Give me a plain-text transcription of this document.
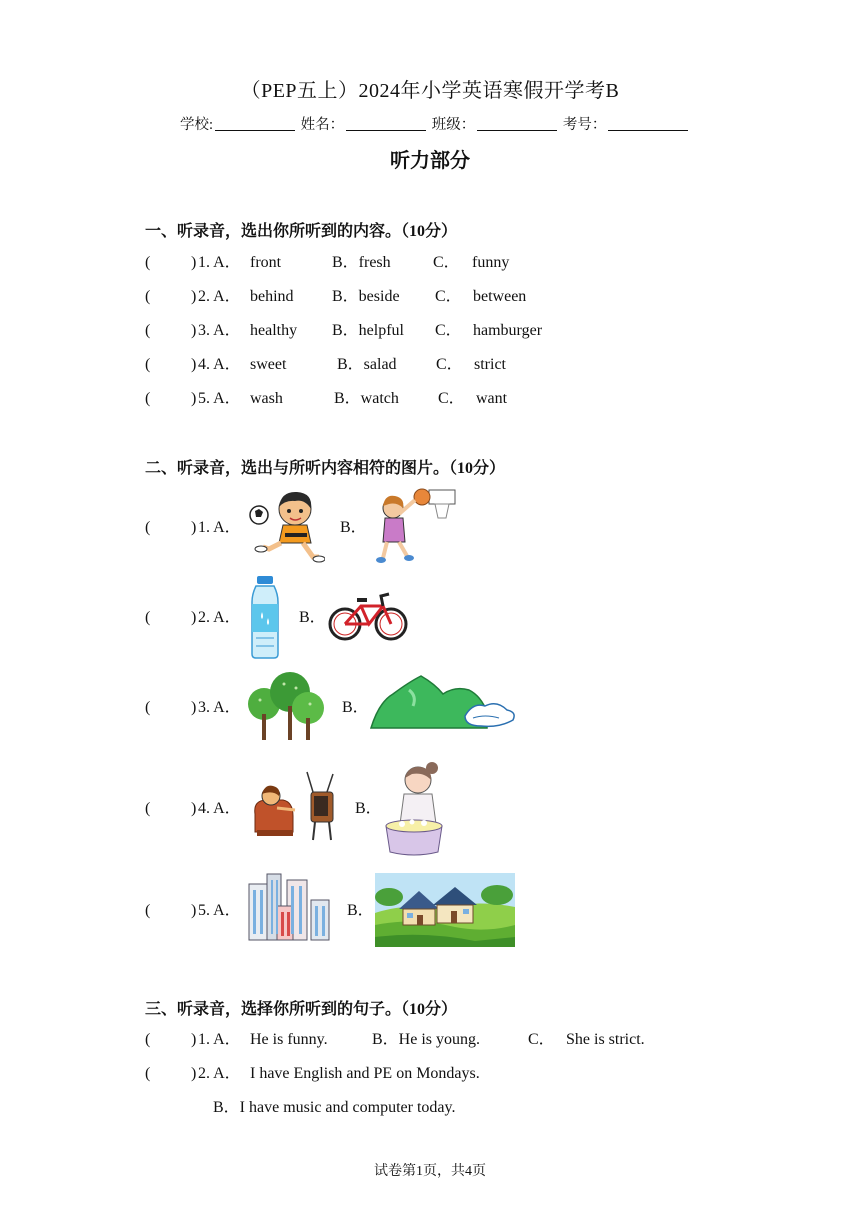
（PEP五上）2024年小学英语寒假开学考B
学校:	姓名：	班级：	考号：
听力部分
一、听录音，选出你所听到的内容。（10分）
(	) 1. A． front	B．fresh	C． funny
(	) 2. A． behind B．beside C． between
(	) 3. A． healthy B．helpful C． hamburger
(	) 4. A． sweet	B．salad C． strict
(	) 5. A． wash	B．watch C． want
二、听录音，选出与所听内容相符的图片。（10分）
(	) 1. A．	B．
(	) 2. A．	B．
(	) 3. A．	B．
(	) 4. A．	B．
(	) 5. A．	B．
三、听录音，选择你所听到的句子。（10分）
(	) 1. A． He is funny.	B．He is young.	C． She is strict.
(	) 2. A． I have English and PE on Mondays.
B．I have music and computer today.
试卷第1页，共4页
